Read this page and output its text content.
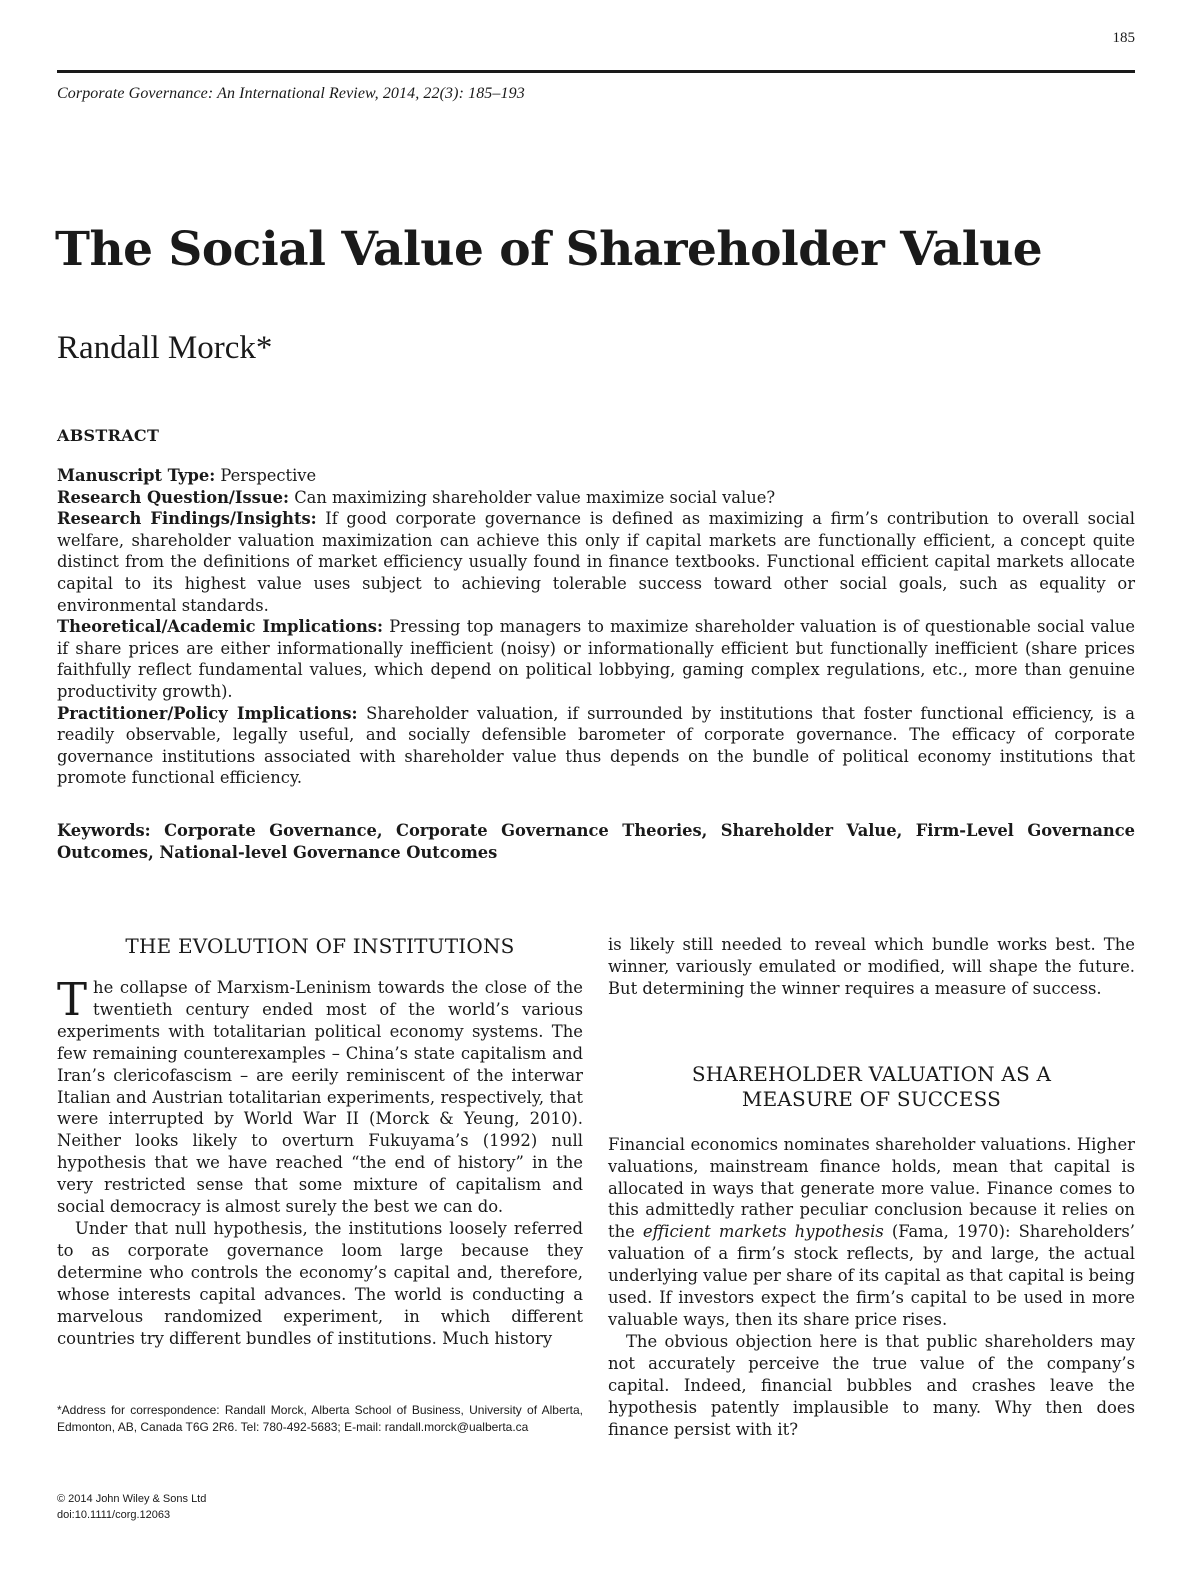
185
Corporate Governance: An International Review, 2014, 22(3): 185–193
The Social Value of Shareholder Value
Randall Morck*
ABSTRACT

Manuscript Type: Perspective

Research Question/Issue: Can maximizing shareholder value maximize social value?

Research Findings/Insights: If good corporate governance is defined as maximizing a firm’s contribution to overall social welfare, shareholder valuation maximization can achieve this only if capital markets are functionally efficient, a concept quite distinct from the definitions of market efficiency usually found in finance textbooks. Functional efficient capital markets allocate capital to its highest value uses subject to achieving tolerable success toward other social goals, such as equality or environmental standards.

Theoretical/Academic Implications: Pressing top managers to maximize shareholder valuation is of questionable social value if share prices are either informationally inefficient (noisy) or informationally efficient but functionally inefficient (share prices faithfully reflect fundamental values, which depend on political lobbying, gaming complex regulations, etc., more than genuine productivity growth).

Practitioner/Policy Implications: Shareholder valuation, if surrounded by institutions that foster functional efficiency, is a readily observable, legally useful, and socially defensible barometer of corporate governance. The efficacy of corporate governance institutions associated with shareholder value thus depends on the bundle of political economy institutions that promote functional efficiency.

Keywords: Corporate Governance, Corporate Governance Theories, Shareholder Value, Firm-Level Governance Outcomes, National-level Governance Outcomes
THE EVOLUTION OF INSTITUTIONS

The collapse of Marxism-Leninism towards the close of the twentieth century ended most of the world’s various experiments with totalitarian political economy systems. The few remaining counterexamples – China’s state capitalism and Iran’s clericofascism – are eerily reminiscent of the interwar Italian and Austrian totalitarian experiments, respectively, that were interrupted by World War II (Morck & Yeung, 2010). Neither looks likely to overturn Fukuyama’s (1992) null hypothesis that we have reached “the end of history” in the very restricted sense that some mixture of capitalism and social democracy is almost surely the best we can do.

Under that null hypothesis, the institutions loosely referred to as corporate governance loom large because they determine who controls the economy’s capital and, therefore, whose interests capital advances. The world is conducting a marvelous randomized experiment, in which different countries try different bundles of institutions. Much history

is likely still needed to reveal which bundle works best. The winner, variously emulated or modified, will shape the future. But determining the winner requires a measure of success.

SHAREHOLDER VALUATION AS A
MEASURE OF SUCCESS

Financial economics nominates shareholder valuations. Higher valuations, mainstream finance holds, mean that capital is allocated in ways that generate more value. Finance comes to this admittedly rather peculiar conclusion because it relies on the efficient markets hypothesis (Fama, 1970): Shareholders’ valuation of a firm’s stock reflects, by and large, the actual underlying value per share of its capital as that capital is being used. If investors expect the firm’s capital to be used in more valuable ways, then its share price rises.

The obvious objection here is that public shareholders may not accurately perceive the true value of the company’s capital. Indeed, financial bubbles and crashes leave the hypothesis patently implausible to many. Why then does finance persist with it?

*Address for correspondence: Randall Morck, Alberta School of Business, University of Alberta, Edmonton, AB, Canada T6G 2R6. Tel: 780-492-5683; E-mail: randall.morck@ualberta.ca
© 2014 John Wiley & Sons Ltd
doi:10.1111/corg.12063
